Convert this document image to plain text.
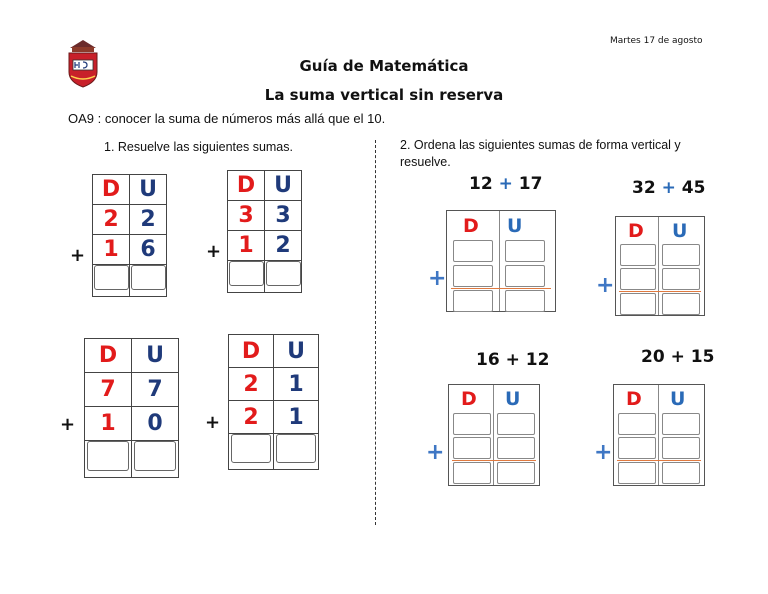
Martes 17 de agosto
Guía de Matemática
La suma vertical sin reserva
OA9 : conocer la suma de números más allá que el 10.
1. Resuelve las siguientes sumas.	2. Ordena las siguientes sumas de forma vertical y resuelve.
+
D	U
2	2
1	6
		+
D	U
3	3
1	2

+
D	U
7	7
1	0
	+
D	U
2	1
2	1

12 + 17	32 + 45
16 + 12	20 + 15
+
D U
+
D U
+
D U
+
D U
